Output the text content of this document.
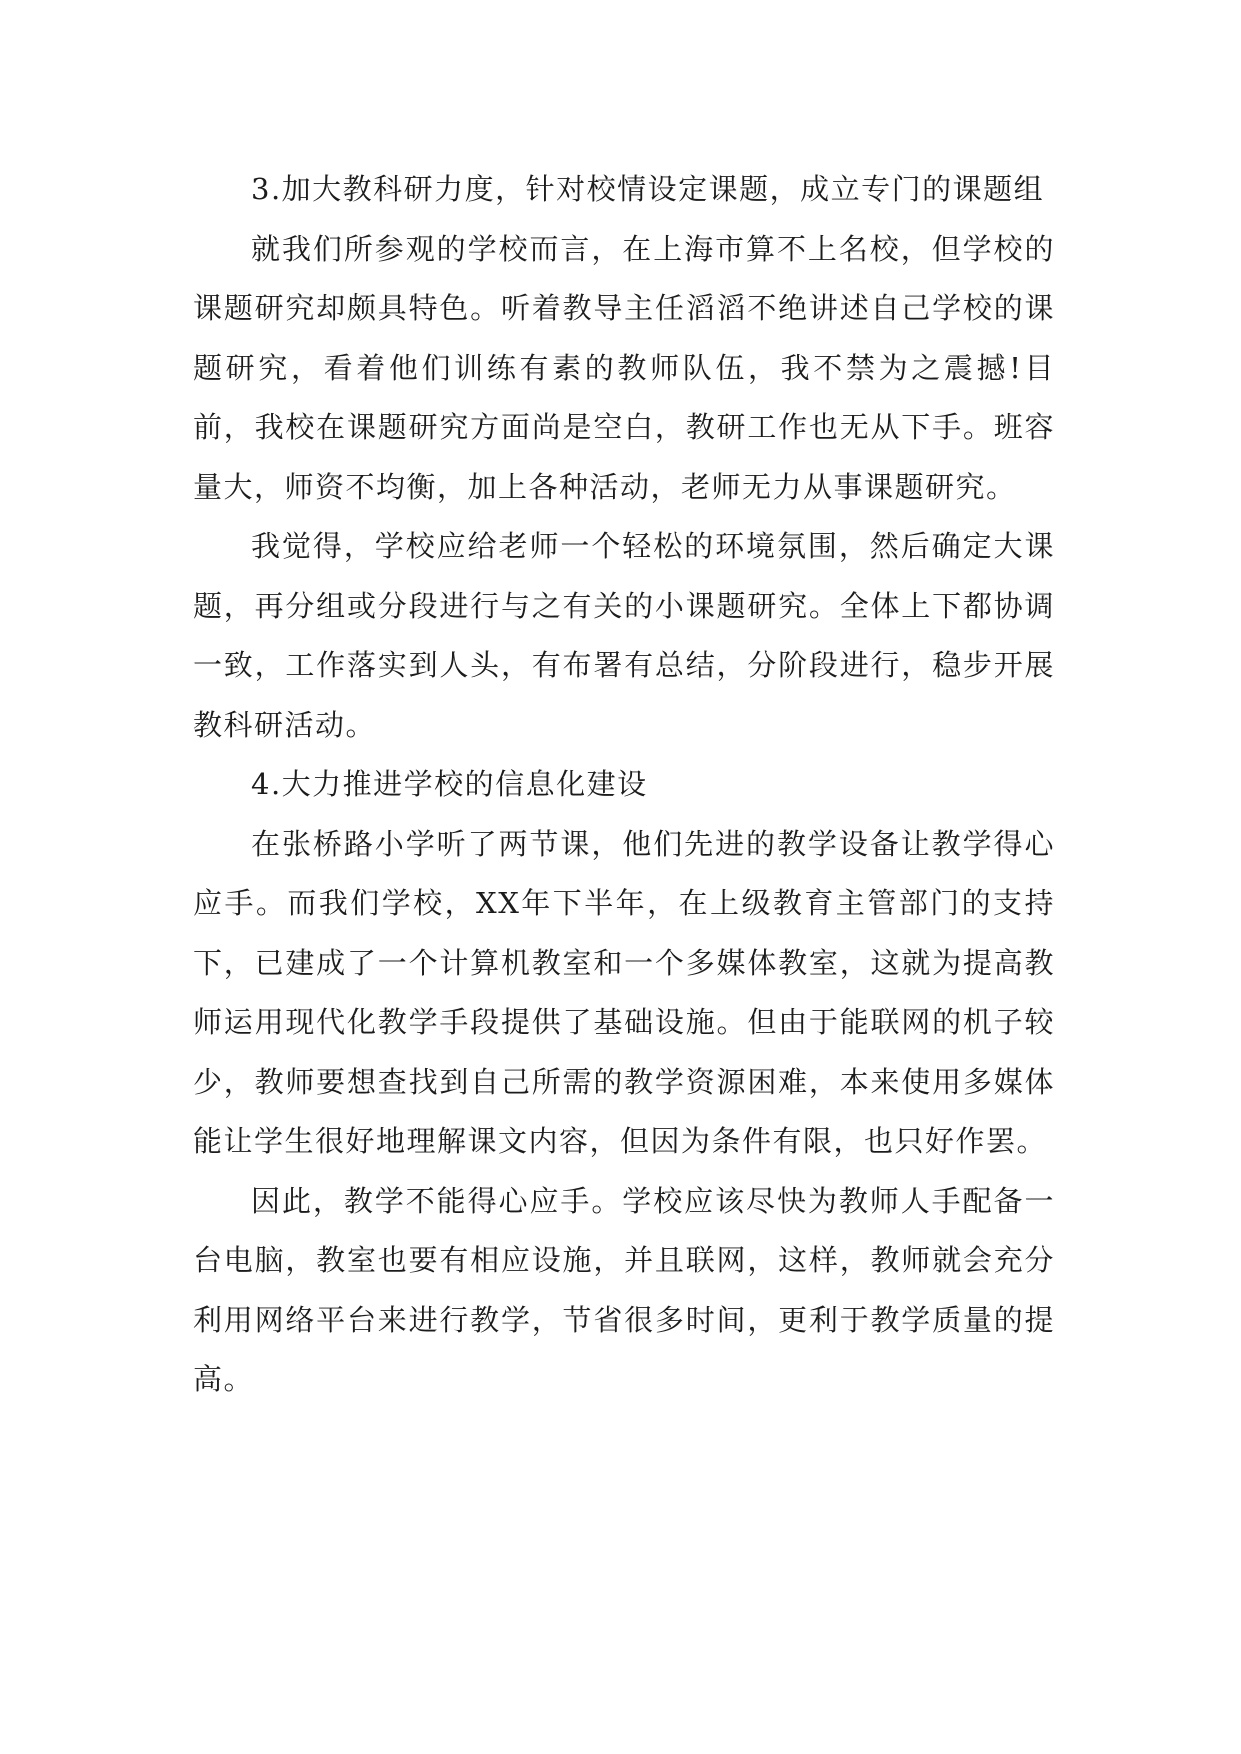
3.加大教科研力度，针对校情设定课题，成立专门的课题组

就我们所参观的学校而言，在上海市算不上名校，但学校的课题研究却颇具特色。听着教导主任滔滔不绝讲述自己学校的课题研究，看着他们训练有素的教师队伍，我不禁为之震撼!目前，我校在课题研究方面尚是空白，教研工作也无从下手。班容量大，师资不均衡，加上各种活动，老师无力从事课题研究。

我觉得，学校应给老师一个轻松的环境氛围，然后确定大课题，再分组或分段进行与之有关的小课题研究。全体上下都协调一致，工作落实到人头，有布署有总结，分阶段进行，稳步开展教科研活动。

4.大力推进学校的信息化建设

在张桥路小学听了两节课，他们先进的教学设备让教学得心应手。而我们学校，XX年下半年，在上级教育主管部门的支持下，已建成了一个计算机教室和一个多媒体教室，这就为提高教师运用现代化教学手段提供了基础设施。但由于能联网的机子较少，教师要想查找到自己所需的教学资源困难，本来使用多媒体能让学生很好地理解课文内容，但因为条件有限，也只好作罢。

因此，教学不能得心应手。学校应该尽快为教师人手配备一台电脑，教室也要有相应设施，并且联网，这样，教师就会充分利用网络平台来进行教学，节省很多时间，更利于教学质量的提高。
